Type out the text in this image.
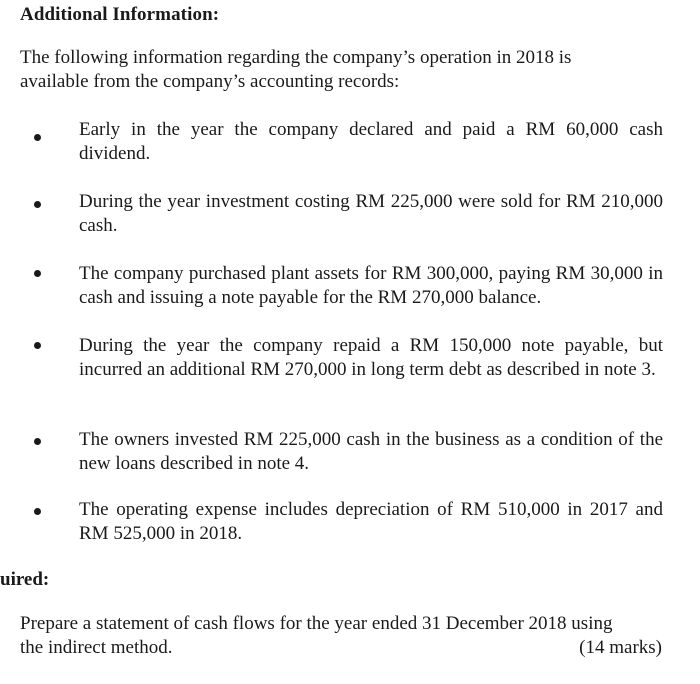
Additional Information:
The following information regarding the company’s operation in 2018 is
available from the company’s accounting records:
Early in the year the company declared and paid a RM 60,000 cash dividend.
During the year investment costing RM 225,000 were sold for RM 210,000 cash.
The company purchased plant assets for RM 300,000, paying RM 30,000 in cash and issuing a note payable for the RM 270,000 balance.
During the year the company repaid a RM 150,000 note payable, but incurred an additional RM 270,000 in long term debt as described in note 3.
The owners invested RM 225,000 cash in the business as a condition of the new loans described in note 4.
The operating expense includes depreciation of RM 510,000 in 2017 and RM 525,000 in 2018.
uired:
Prepare a statement of cash flows for the year ended 31 December 2018 using
the indirect method.	(14 marks)
